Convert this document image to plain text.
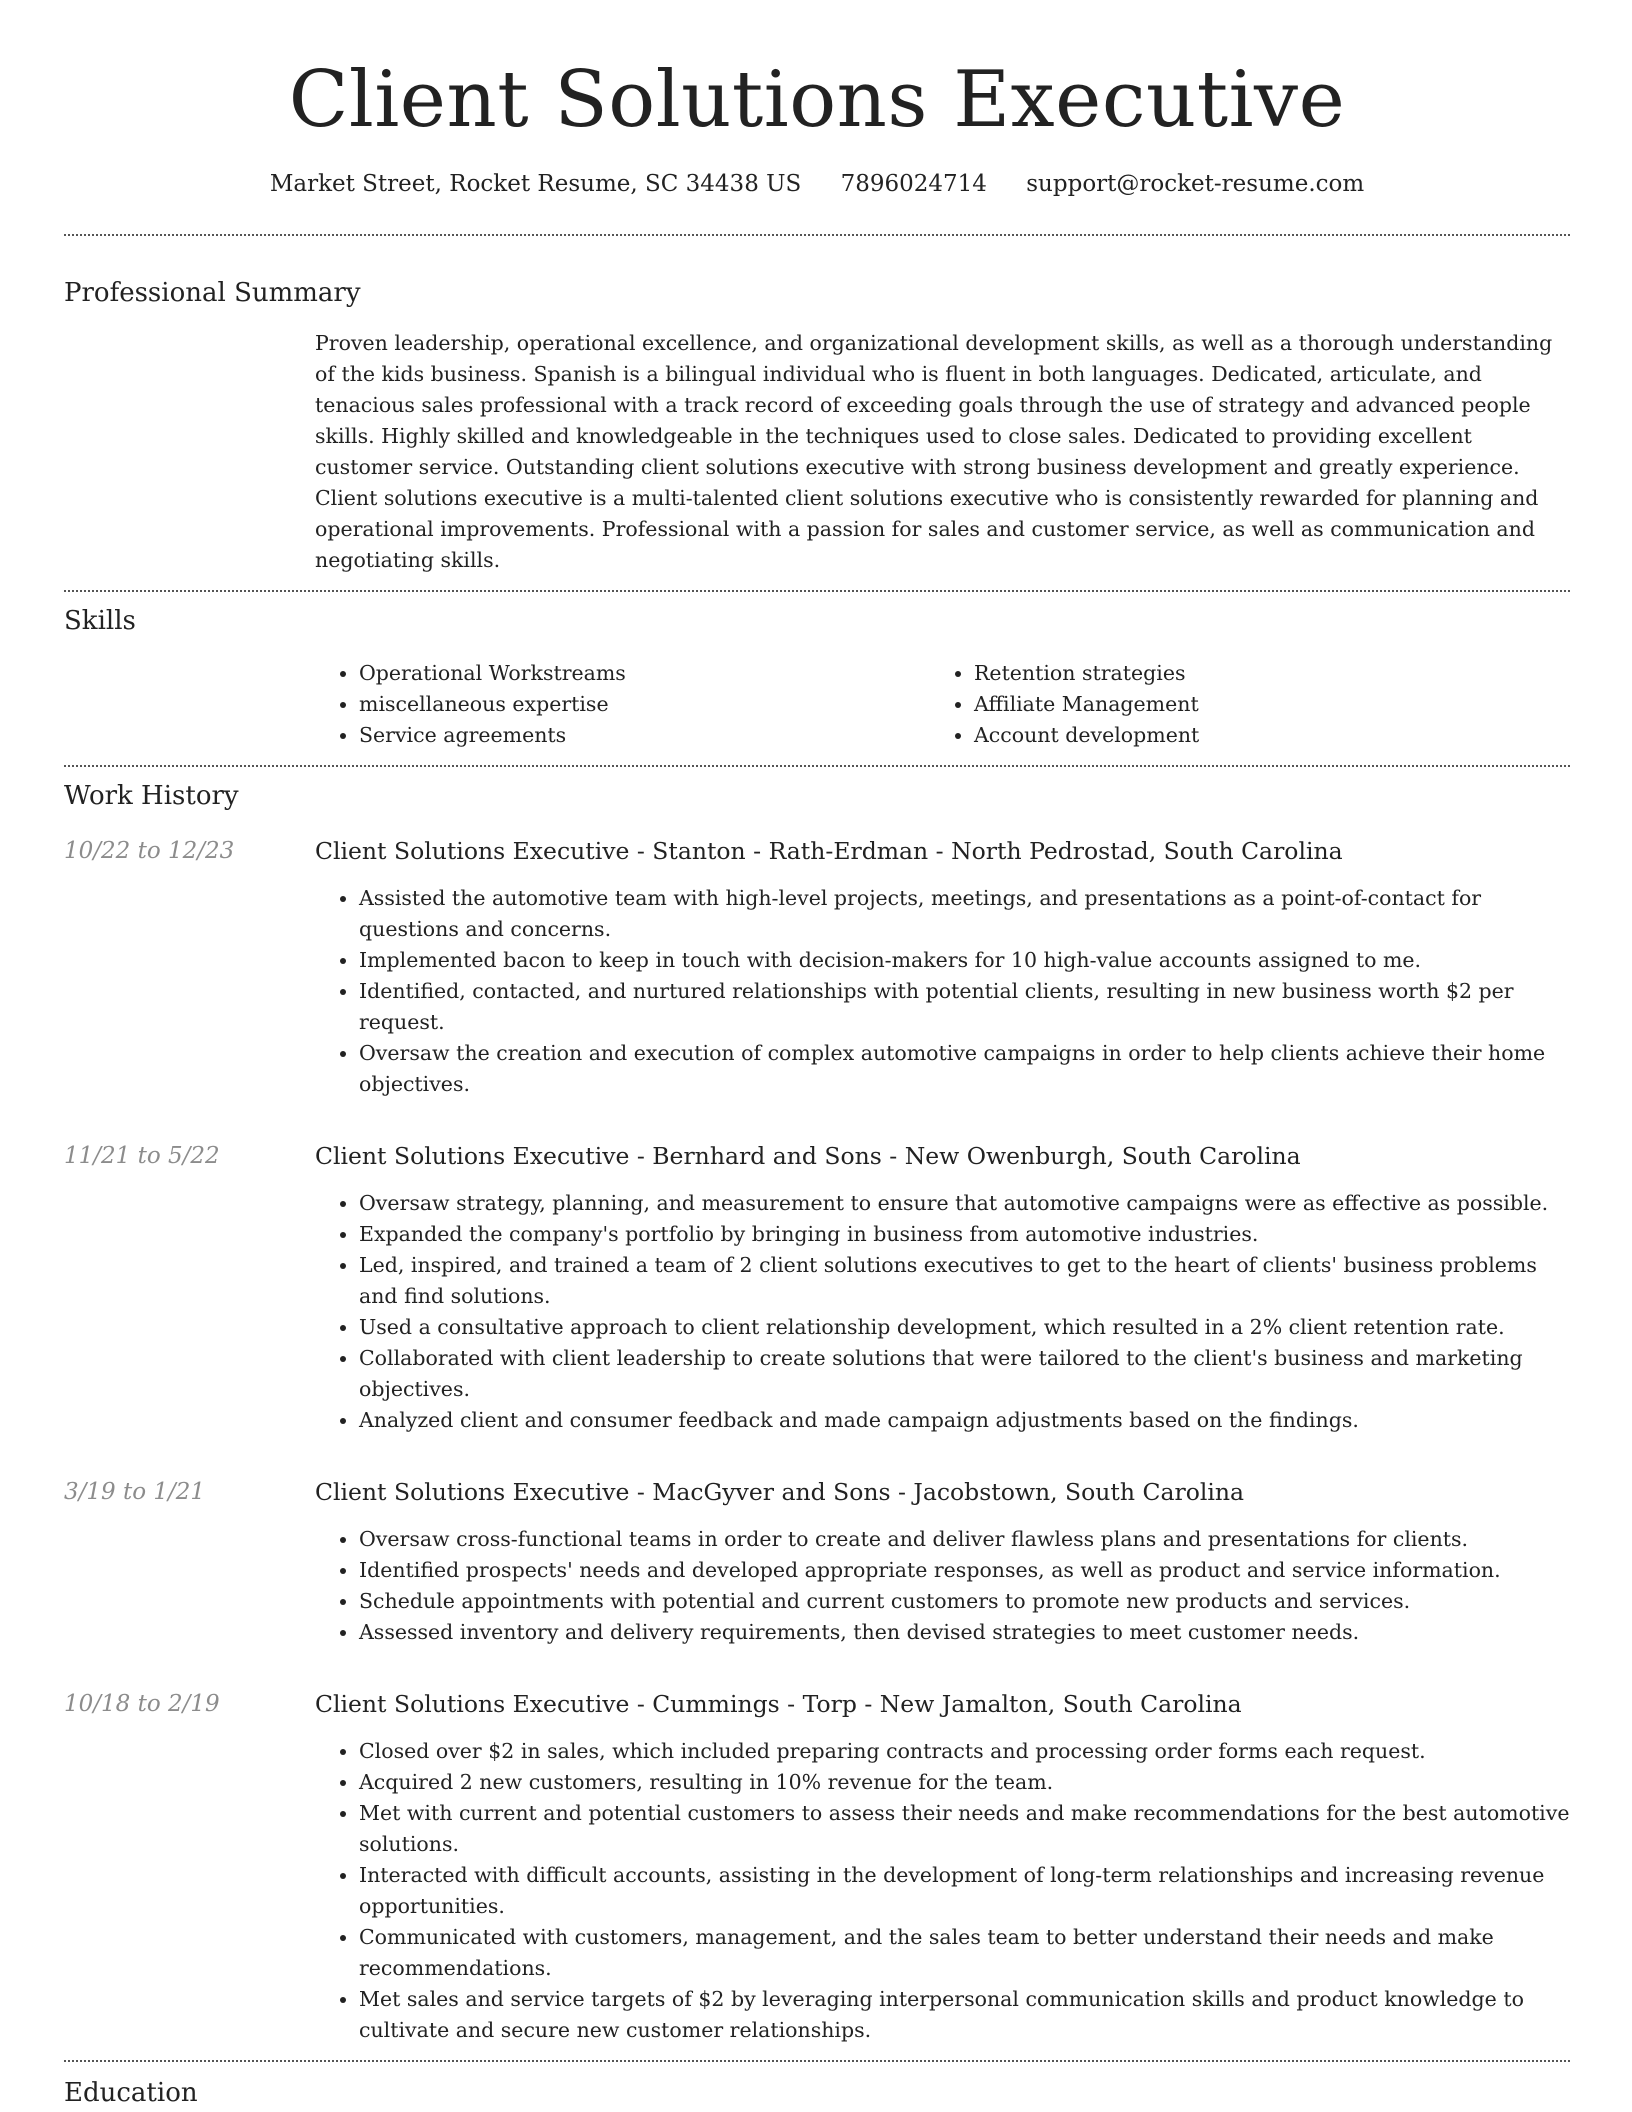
Client Solutions Executive
Market Street, Rocket Resume, SC 34438 US 7896024714 support@rocket-resume.com
Professional Summary

Proven leadership, operational excellence, and organizational development skills, as well as a thorough understanding of the kids business. Spanish is a bilingual individual who is fluent in both languages. Dedicated, articulate, and tenacious sales professional with a track record of exceeding goals through the use of strategy and advanced people skills. Highly skilled and knowledgeable in the techniques used to close sales. Dedicated to providing excellent customer service. Outstanding client solutions executive with strong business development and greatly experience. Client solutions executive is a multi-talented client solutions executive who is consistently rewarded for planning and operational improvements. Professional with a passion for sales and customer service, as well as communication and negotiating skills.

Skills
• Operational Workstreams
• miscellaneous expertise
• Service agreements
• Retention strategies
• Affiliate Management
• Account development
Work History
10/22 to 12/23	Client Solutions Executive - Stanton - Rath-Erdman - North Pedrostad, South Carolina
• Assisted the automotive team with high-level projects, meetings, and presentations as a point-of-contact for questions and concerns.
• Implemented bacon to keep in touch with decision-makers for 10 high-value accounts assigned to me.
• Identified, contacted, and nurtured relationships with potential clients, resulting in new business worth $2 per request.
• Oversaw the creation and execution of complex automotive campaigns in order to help clients achieve their home objectives.
11/21 to 5/22	Client Solutions Executive - Bernhard and Sons - New Owenburgh, South Carolina
• Oversaw strategy, planning, and measurement to ensure that automotive campaigns were as effective as possible.
• Expanded the company's portfolio by bringing in business from automotive industries.
• Led, inspired, and trained a team of 2 client solutions executives to get to the heart of clients' business problems and find solutions.
• Used a consultative approach to client relationship development, which resulted in a 2% client retention rate.
• Collaborated with client leadership to create solutions that were tailored to the client's business and marketing objectives.
• Analyzed client and consumer feedback and made campaign adjustments based on the findings.
3/19 to 1/21	Client Solutions Executive - MacGyver and Sons - Jacobstown, South Carolina
• Oversaw cross-functional teams in order to create and deliver flawless plans and presentations for clients.
• Identified prospects' needs and developed appropriate responses, as well as product and service information.
• Schedule appointments with potential and current customers to promote new products and services.
• Assessed inventory and delivery requirements, then devised strategies to meet customer needs.
10/18 to 2/19	Client Solutions Executive - Cummings - Torp - New Jamalton, South Carolina
• Closed over $2 in sales, which included preparing contracts and processing order forms each request.
• Acquired 2 new customers, resulting in 10% revenue for the team.
• Met with current and potential customers to assess their needs and make recommendations for the best automotive solutions.
• Interacted with difficult accounts, assisting in the development of long-term relationships and increasing revenue opportunities.
• Communicated with customers, management, and the sales team to better understand their needs and make recommendations.
• Met sales and service targets of $2 by leveraging interpersonal communication skills and product knowledge to cultivate and secure new customer relationships.
Education
